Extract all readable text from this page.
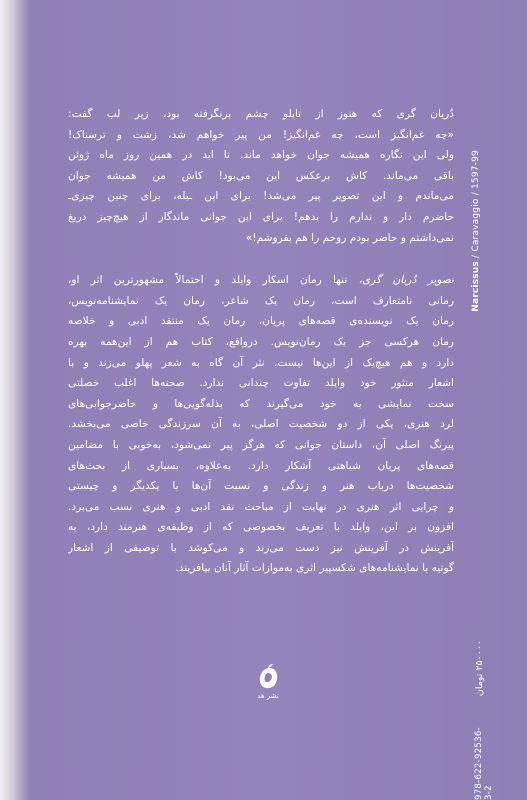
دُریان گری که هنوز از تابلو چشم برنگرفته بود، زیر لب گفت:
«چه غم‌انگیز است، چه غم‌انگیز! من پیر خواهم شد، زشت و ترسناک!
ولی این نگاره همیشه جوان خواهد ماند. تا ابد در همین روز ماه ژوئن
باقی می‌ماند. کاش برعکس این می‌بود! کاش من همیشه جوان
می‌ماندم و این تصویر پیر می‌شد! برای این ـبله، برای چنین چیزی‌ـ
حاضرم دار و ندارم را بدهم! برای این جوانی ماندگار از هیچ‌چیز دریغ
نمی‌داشتم و حاضر بودم روحم را هم بفروشم!»
تصویر دُریان گری، تنها رمان اسکار وایلد و احتمالاً مشهورترین اثر او،
رمانی نامتعارف است، رمان یک شاعر، رمان یک نمایشنامه‌نویس،
رمان یک نویسنده‌ی قصه‌های پریان، رمان یک منتقد ادبی و خلاصه
رمان هرکسی جز یک رمان‌نویس. درواقع، کتاب هم از این‌همه بهره
دارد و هم هیچ‌یک از این‌ها نیست. نثر آن گاه به شعر پهلو می‌زند و با
اشعار منثور خود وایلد تفاوت چندانی ندارد. صحنه‌ها اغلب خصلتی
سخت نمایشی به خود می‌گیرند که بذله‌گویی‌ها و حاضرجوابی‌های
لرد هنری، یکی از دو شخصیت اصلی، به آن سرزندگی خاصی می‌بخشد.
پیرنگ اصلی آن، داستان جوانی که هرگز پیر نمی‌شود، به‌خوبی با مضامین
قصه‌های پریان شباهتی آشکار دارد. به‌علاوه، بسیاری از بحث‌های
شخصیت‌ها درباب هنر و زندگی و نسبت آن‌ها با یکدیگر و چیستی
و چرایی اثر هنری در نهایت از مباحث نقد ادبی و هنری نسب می‌برد.
افزون بر این، وایلد با تعریف بخصوصی که از وظیفه‌ی هنرمند دارد، به
آفرینش در آفرینش نیز دست می‌زند و می‌کوشد با توصیفی از اشعار
گوتیه یا نمایشنامه‌های شکسپیر اثری به‌موازات آثار آنان بیافریند.
Narcissus / Caravaggio / 1597-99
نشر هد	۲۵۰۰۰۰ تومان
978-622-92536-3-2
